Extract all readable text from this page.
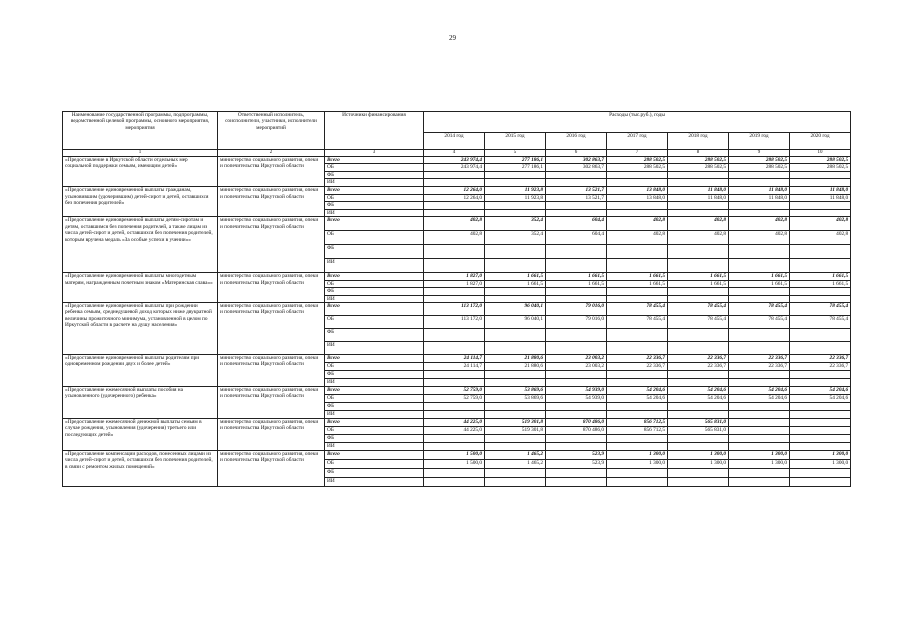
29
Наименование государственной программы, подпрограммы, ведомственной целевой программы, основного мероприятия, мероприятия	Ответственный исполнитель, соисполнители, участники, исполнители мероприятий	Источники финансирования	Расходы (тыс.руб.), годы						
			2014 год	2015 год	2016 год	2017 год	2018 год	2019 год	2020 год
1	2	3	4	5	6	7	8	9	10
«Предоставление в Иркутской области отдельных мер социальной поддержки семьям, имеющим детей»	министерство социального развития, опеки и попечительства Иркутской области	Всего	243 974,4	277 186,1	302 863,7	288 502,5	288 502,5	288 502,5	288 502,5
		ОБ	243 974,4	277 186,1	302 863,7	288 502,5	288 502,5	288 502,5	288 502,5
		ФБ							
		ИИ							
«Предоставление единовременной выплаты гражданам, усыновившим (удочерившим) детей-сирот и детей, оставшихся без попечения родителей»	министерство социального развития, опеки и попечительства Иркутской области	Всего	12 264,0	11 923,8	13 521,7	13 848,0	11 848,0	11 848,0	11 848,0
		ОБ	12 264,0	11 923,8	13 521,7	13 848,0	11 848,0	11 848,0	11 848,0
		ФБ							
		ИИ							
«Предоставление единовременной выплаты детям-сиротам и детям, оставшимся без попечения родителей, а также лицам из числа детей-сирот и детей, оставшихся без попечения родителей, которым вручена медаль «За особые успехи в учении»»	министерство социального развития, опеки и попечительства Иркутской области	Всего	402,8	352,4	604,4	402,8	402,8	402,8	402,8
		ОБ	402,8	352,4	604,4	402,8	402,8	402,8	402,8
		ФБ							
		ИИ							
«Предоставление единовременной выплаты многодетным матерям, награжденным почетным знаком «Материнская слава»»	министерство социального развития, опеки и попечительства Иркутской области	Всего	1 827,0	1 661,5	1 661,5	1 661,5	1 661,5	1 661,5	1 661,5
		ОБ	1 827,0	1 661,5	1 661,5	1 661,5	1 661,5	1 661,5	1 661,5
		ФБ							
		ИИ							
«Предоставление единовременной выплаты при рождении ребенка семьям, среднедушевой доход которых ниже двукратной величины прожиточного минимума, установленной в целом по Иркутской области в расчете на душу населения»	министерство социального развития, опеки и попечительства Иркутской области	Всего	113 172,0	96 040,1	79 016,0	78 455,4	78 455,4	78 455,4	78 455,4
		ОБ	113 172,0	96 040,1	79 016,0	78 455,4	78 455,4	78 455,4	78 455,4
		ФБ							
		ИИ							
«Предоставление единовременной выплаты родителям при одновременном рождении двух и более детей»	министерство социального развития, опеки и попечительства Иркутской области	Всего	24 114,7	21 880,6	23 003,2	22 336,7	22 336,7	22 336,7	22 336,7
		ОБ	24 114,7	21 880,6	23 003,2	22 336,7	22 336,7	22 336,7	22 336,7
		ФБ							
		ИИ							
«Предоставление ежемесячной выплаты пособия на усыновленного (удочеренного) ребенка»	министерство социального развития, опеки и попечительства Иркутской области	Всего	52 759,0	53 869,6	54 939,0	54 204,6	54 204,6	54 204,6	54 204,6
		ОБ	52 759,0	53 869,6	54 939,0	54 204,6	54 204,6	54 204,6	54 204,6
		ФБ							
		ИИ							
«Предоставление ежемесячной денежной выплаты семьям в случае рождения, усыновления (удочерения) третьего или последующих детей»	министерство социального развития, опеки и попечительства Иркутской области	Всего	44 225,0	519 301,8	870 486,0	856 712,5	565 831,0		
		ОБ	44 225,0	519 301,8	870 486,0	856 712,5	565 831,0		
		ФБ							
		ИИ							
«Предоставление компенсации расходов, понесенных лицами из числа детей-сирот и детей, оставшихся без попечения родителей, в связи с ремонтом жилых помещений»	министерство социального развития, опеки и попечительства Иркутской области	Всего	1 500,0	1 465,2	523,9	1 300,0	1 300,0	1 300,0	1 300,0
		ОБ	1 500,0	1 465,2	523,9	1 300,0	1 300,0	1 300,0	1 300,0
		ФБ							
		ИИ							
